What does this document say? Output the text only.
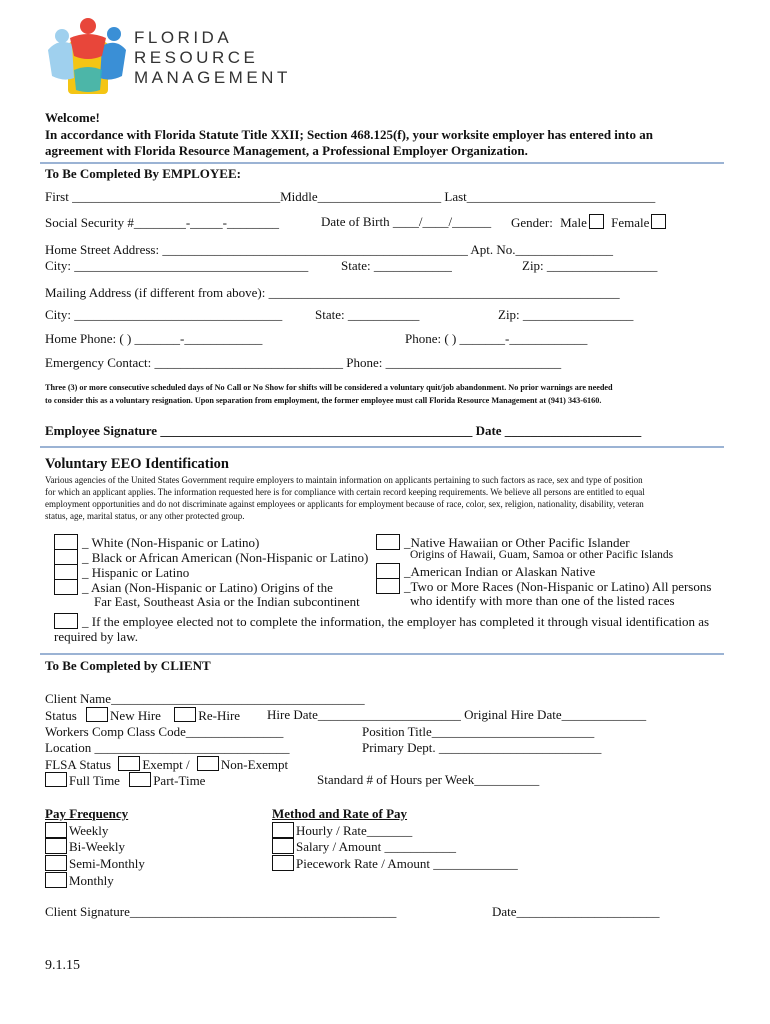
FLORIDA
RESOURCE
MANAGEMENT
Welcome!
In accordance with Florida Statute Title XXII; Section 468.125(f), your worksite employer has entered into an
agreement with Florida Resource Management, a Professional Employer Organization.
To Be Completed By EMPLOYEE:
First ________________________________Middle___________________ Last_____________________________
Social Security #________-_____-________	Date of Birth ____/____/______ Gender: Male Female
Home Street Address: _______________________________________________ Apt. No._______________
City: ____________________________________	State: ____________	Zip: _________________
Mailing Address (if different from above): ______________________________________________________
City: ________________________________	State: ___________	Zip: _________________
Home Phone: ( ) _______-____________	Phone: ( ) _______-____________
Emergency Contact: _____________________________ Phone: ___________________________
Three (3) or more consecutive scheduled days of No Call or No Show for shifts will be considered a voluntary quit/job abandonment. No prior warnings are needed
to consider this as a voluntary resignation. Upon separation from employment, the former employee must call Florida Resource Management at (941) 343-6160.
Employee Signature ________________________________________________ Date _____________________
Voluntary EEO Identification
Various agencies of the United States Government require employers to maintain information on applicants pertaining to such factors as race, sex and type of position
for which an applicant applies. The information requested here is for compliance with certain record keeping requirements. We believe all persons are entitled to equal
employment opportunities and do not discriminate against employees or applicants for employment because of race, color, sex, religion, nationality, disability, veteran
status, age, marital status, or any other protected group.
_ White (Non-Hispanic or Latino)
_ Black or African American (Non-Hispanic or Latino)
_ Hispanic or Latino
_ Asian (Non-Hispanic or Latino) Origins of the
Far East, Southeast Asia or the Indian subcontinent
_Native Hawaiian or Other Pacific Islander
Origins of Hawaii, Guam, Samoa or other Pacific Islands
_American Indian or Alaskan Native
_Two or More Races (Non-Hispanic or Latino) All persons
who identify with more than one of the listed races
_ If the employee elected not to complete the information, the employer has completed it through visual identification as
required by law.
To Be Completed by CLIENT
Client Name_______________________________________
Status	New Hire	Re-Hire Hire Date______________________ Original Hire Date_____________
Workers Comp Class Code_______________	Position Title_________________________
Location ______________________________	Primary Dept. _________________________
FLSA Status Exempt / Non-Exempt
Full Time	Part-Time	Standard # of Hours per Week__________
Pay Frequency
Weekly
Bi-Weekly
Semi-Monthly
Monthly
Method and Rate of Pay
Hourly / Rate_______
Salary / Amount ___________
Piecework Rate / Amount _____________
Client Signature_________________________________________	Date______________________
9.1.15
